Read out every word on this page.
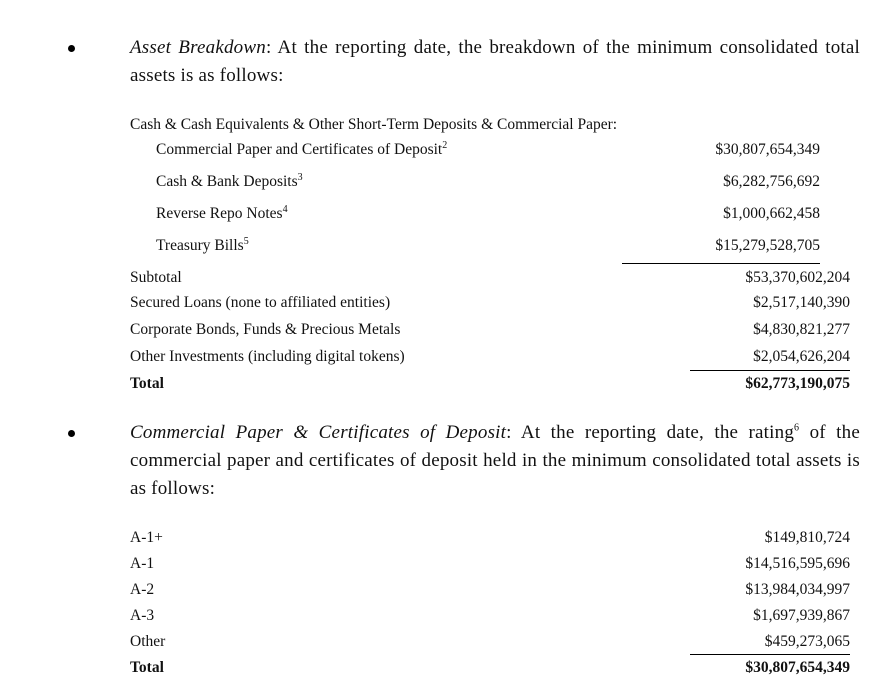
Asset Breakdown: At the reporting date, the breakdown of the minimum consolidated total assets is as follows:
Cash & Cash Equivalents & Other Short-Term Deposits & Commercial Paper:
Commercial Paper and Certificates of Deposit$^2$	$30,807,654,349
Cash & Bank Deposits$^3$	$6,282,756,692
Reverse Repo Notes$^4$	$1,000,662,458
Treasury Bills$^5$	$15,279,528,705
Subtotal	$53,370,602,204
Secured Loans (none to affiliated entities)	$2,517,140,390
Corporate Bonds, Funds & Precious Metals	$4,830,821,277
Other Investments (including digital tokens)	$2,054,626,204
Total	$62,773,190,075
Commercial Paper & Certificates of Deposit: At the reporting date, the rating$^6$ of the commercial paper and certificates of deposit held in the minimum consolidated total assets is as follows:
A-1+	$149,810,724
A-1	$14,516,595,696
A-2	$13,984,034,997
A-3	$1,697,939,867
Other	$459,273,065
Total	$30,807,654,349
